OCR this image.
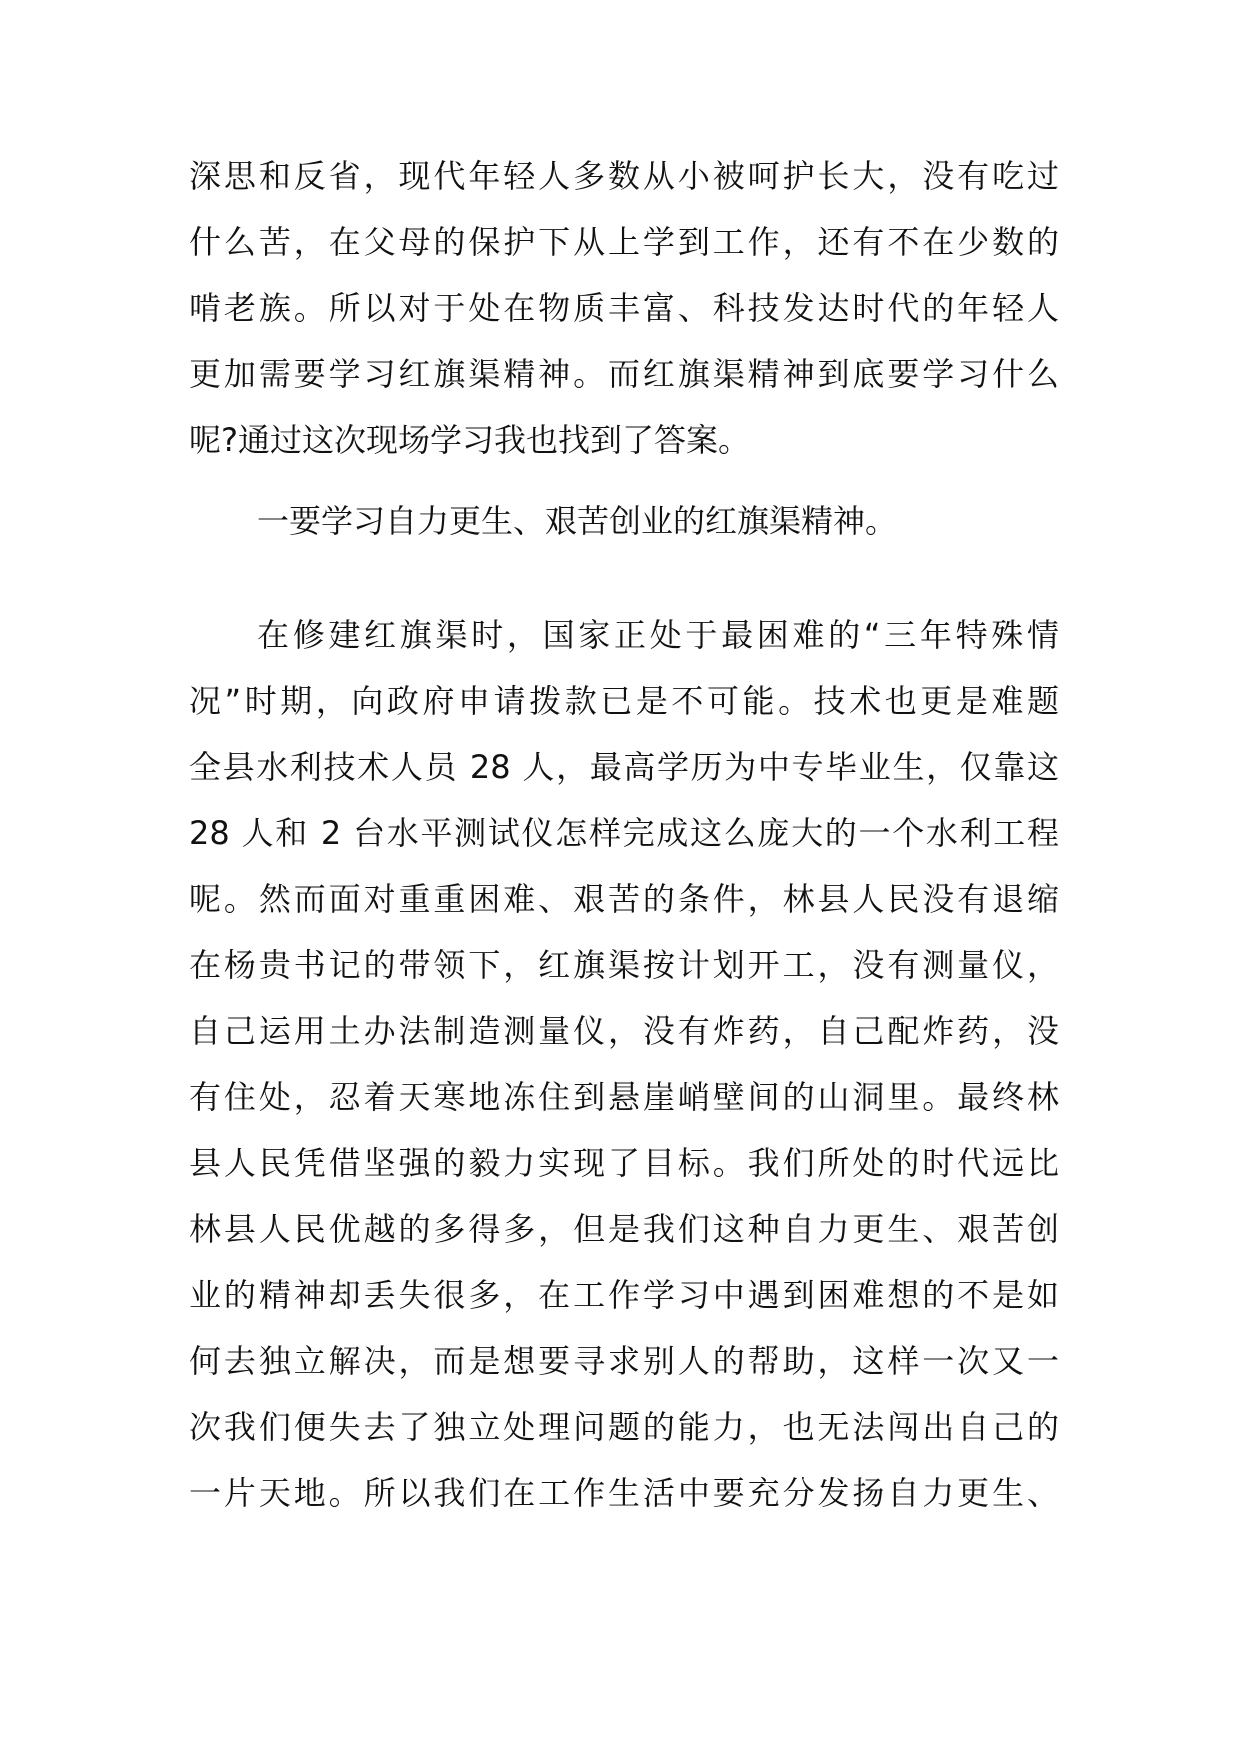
深思和反省，现代年轻人多数从小被呵护长大，没有吃过
什么苦，在父母的保护下从上学到工作，还有不在少数的
啃老族。所以对于处在物质丰富、科技发达时代的年轻人
更加需要学习红旗渠精神。而红旗渠精神到底要学习什么
呢?通过这次现场学习我也找到了答案。
一要学习自力更生、艰苦创业的红旗渠精神。
在修建红旗渠时，国家正处于最困难的“三年特殊情
况”时期，向政府申请拨款已是不可能。技术也更是难题
全县水利技术人员 28 人，最高学历为中专毕业生，仅靠这
28 人和 2 台水平测试仪怎样完成这么庞大的一个水利工程
呢。然而面对重重困难、艰苦的条件，林县人民没有退缩
在杨贵书记的带领下，红旗渠按计划开工，没有测量仪，
自己运用土办法制造测量仪，没有炸药，自己配炸药，没
有住处，忍着天寒地冻住到悬崖峭壁间的山洞里。最终林
县人民凭借坚强的毅力实现了目标。我们所处的时代远比
林县人民优越的多得多，但是我们这种自力更生、艰苦创
业的精神却丢失很多，在工作学习中遇到困难想的不是如
何去独立解决，而是想要寻求别人的帮助，这样一次又一
次我们便失去了独立处理问题的能力，也无法闯出自己的
一片天地。所以我们在工作生活中要充分发扬自力更生、
